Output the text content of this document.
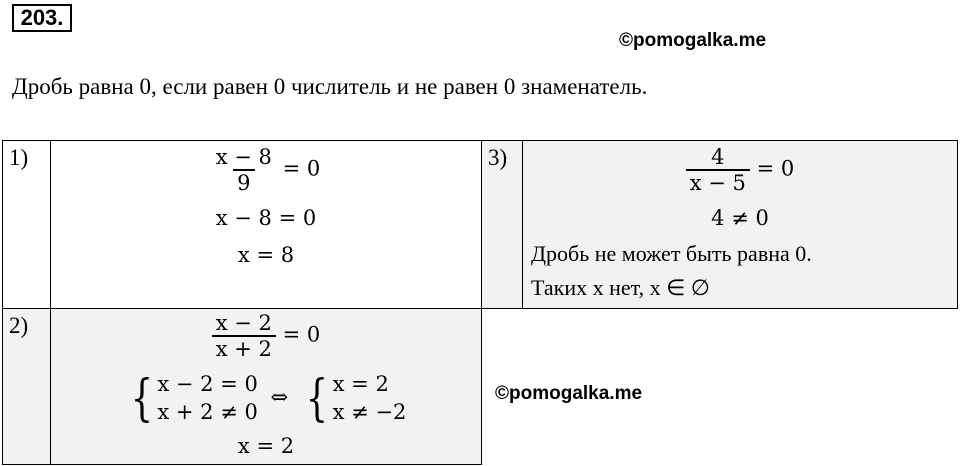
203.
©pomogalka.me
Дробь равна 0, если равен 0 числитель и не равен 0 знаменатель.
1)	$\frac{x - 8}{9} = 0$
x − 8 = 0
x = 8
3)	$\frac{4}{x - 5} = 0$
4 ≠ 0
Дробь не может быть равна 0.
Таких x нет, x ∈ ∅
2)	$\frac{x - 2}{x + 2} = 0$
{ x − 2 = 0
x + 2 ≠ 0
⇔ { x = 2
x ≠ −2
x = 2
©pomogalka.me
